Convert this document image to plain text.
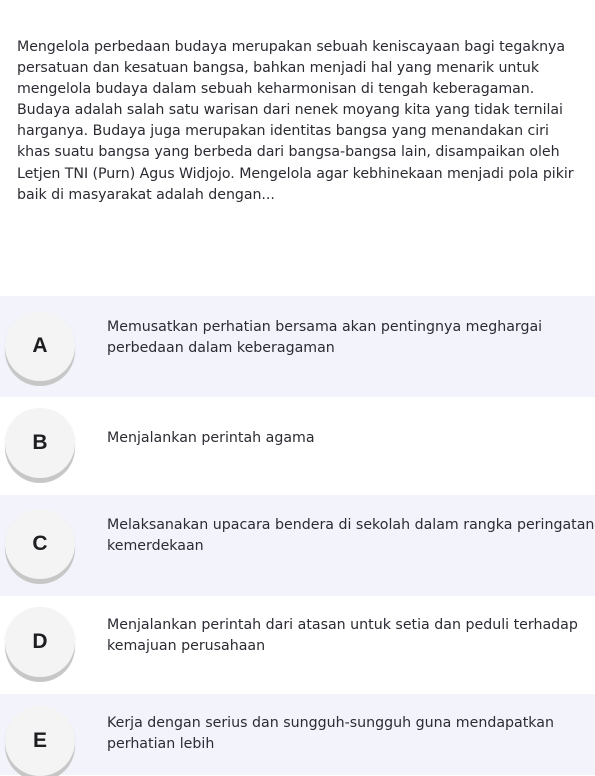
Mengelola perbedaan budaya merupakan sebuah keniscayaan bagi tegaknya persatuan dan kesatuan bangsa, bahkan menjadi hal yang menarik untuk mengelola budaya dalam sebuah keharmonisan di tengah keberagaman. Budaya adalah salah satu warisan dari nenek moyang kita yang tidak ternilai harganya. Budaya juga merupakan identitas bangsa yang menandakan ciri khas suatu bangsa yang berbeda dari bangsa-bangsa lain, disampaikan oleh Letjen TNI (Purn) Agus Widjojo. Mengelola agar kebhinekaan menjadi pola pikir baik di masyarakat adalah dengan...
A
Memusatkan perhatian bersama akan pentingnya meghargai perbedaan dalam keberagaman
B	Menjalankan perintah agama
C
Melaksanakan upacara bendera di sekolah dalam rangka peringatan kemerdekaan
D
Menjalankan perintah dari atasan untuk setia dan peduli terhadap kemajuan perusahaan
E
Kerja dengan serius dan sungguh-sungguh guna mendapatkan perhatian lebih
